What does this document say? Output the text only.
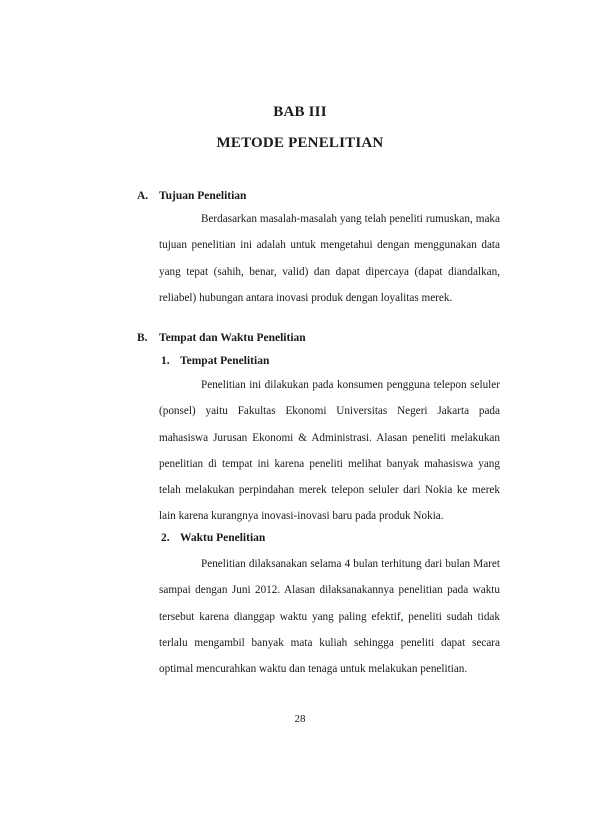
BAB III
METODE PENELITIAN
A. Tujuan Penelitian

Berdasarkan masalah-masalah yang telah peneliti rumuskan, maka tujuan penelitian ini adalah untuk mengetahui dengan menggunakan data yang tepat (sahih, benar, valid) dan dapat dipercaya (dapat diandalkan, reliabel) hubungan antara inovasi produk dengan loyalitas merek.

B. Tempat dan Waktu Penelitian
1. Tempat Penelitian

Penelitian ini dilakukan pada konsumen pengguna telepon seluler (ponsel) yaitu Fakultas Ekonomi Universitas Negeri Jakarta pada mahasiswa Jurusan Ekonomi & Administrasi. Alasan peneliti melakukan penelitian di tempat ini karena peneliti melihat banyak mahasiswa yang telah melakukan perpindahan merek telepon seluler dari Nokia ke merek lain karena kurangnya inovasi-inovasi baru pada produk Nokia.

2. Waktu Penelitian

Penelitian dilaksanakan selama 4 bulan terhitung dari bulan Maret sampai dengan Juni 2012. Alasan dilaksanakannya penelitian pada waktu tersebut karena dianggap waktu yang paling efektif, peneliti sudah tidak terlalu mengambil banyak mata kuliah sehingga peneliti dapat secara optimal mencurahkan waktu dan tenaga untuk melakukan penelitian.

28
